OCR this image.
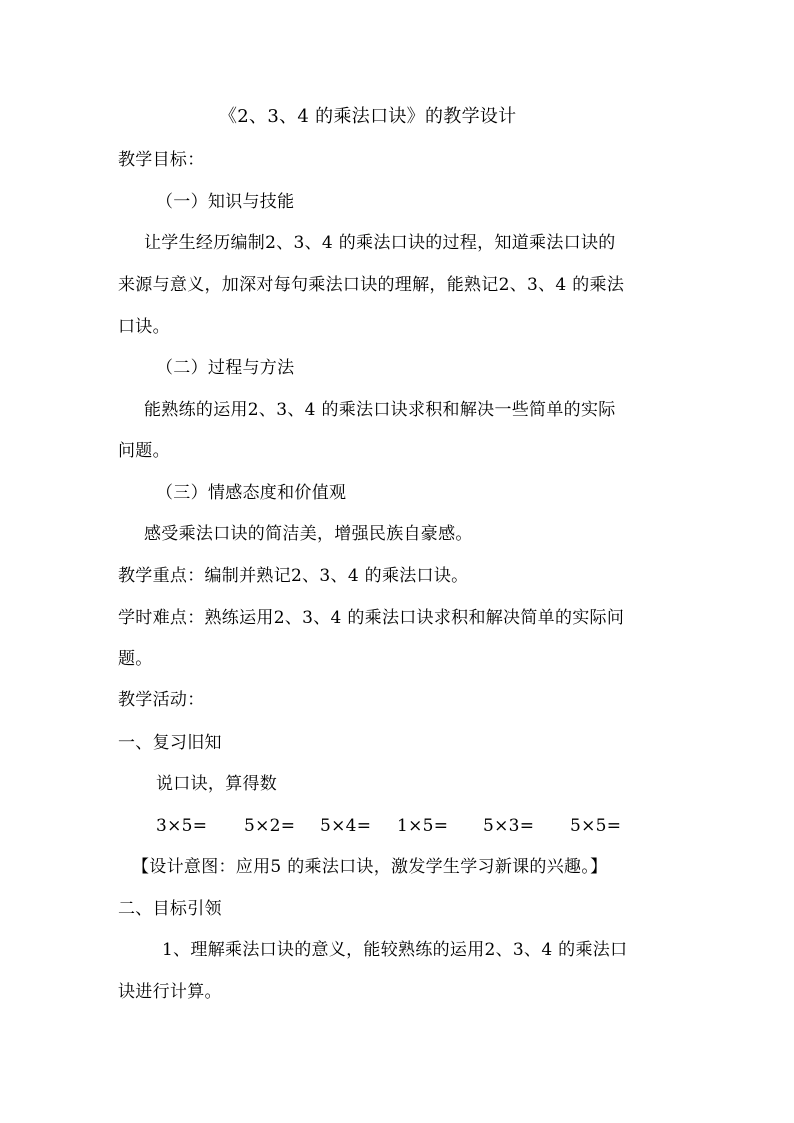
《2、3、4 的乘法口诀》的教学设计
教学目标：
（一）知识与技能
让学生经历编制2、3、4 的乘法口诀的过程，知道乘法口诀的
来源与意义，加深对每句乘法口诀的理解，能熟记2、3、4 的乘法
口诀。
（二）过程与方法
能熟练的运用2、3、4 的乘法口诀求积和解决一些简单的实际
问题。
（三）情感态度和价值观
感受乘法口诀的简洁美，增强民族自豪感。
教学重点：编制并熟记2、3、4 的乘法口诀。
学时难点：熟练运用2、3、4 的乘法口诀求积和解决简单的实际问
题。
教学活动：
一、复习旧知
说口诀，算得数
3×5= 5×2= 5×4= 1×5= 5×3= 5×5=
【设计意图：应用5 的乘法口诀，激发学生学习新课的兴趣。】
二、目标引领
1、理解乘法口诀的意义，能较熟练的运用2、3、4 的乘法口
诀进行计算。
